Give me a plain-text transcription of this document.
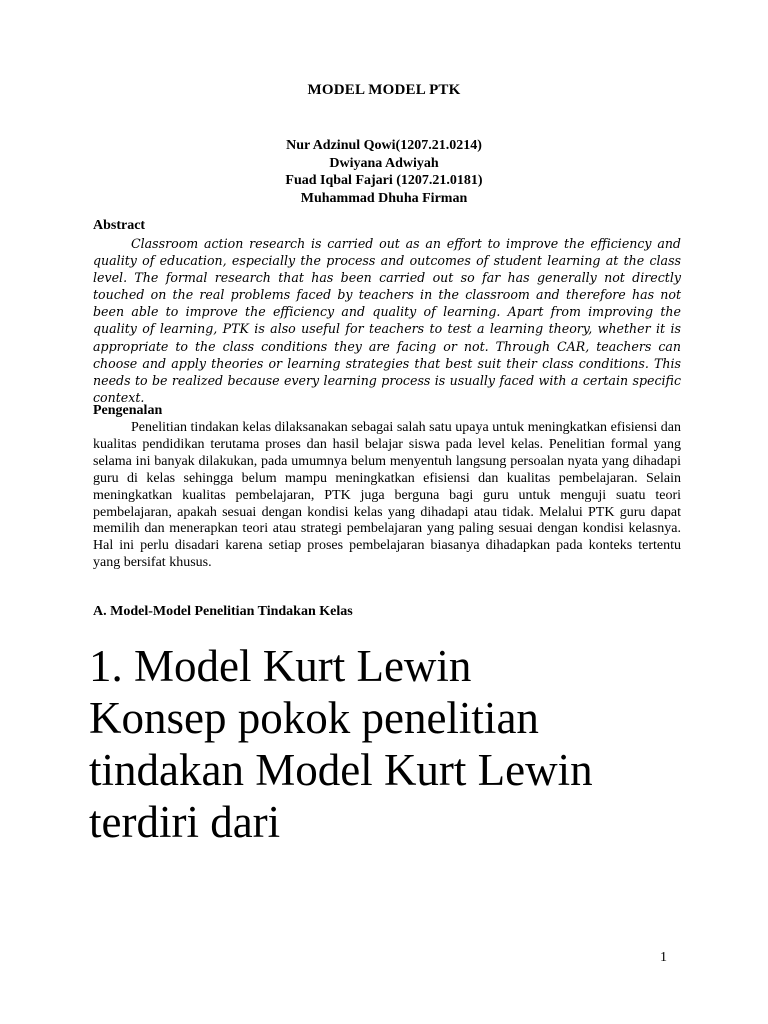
MODEL MODEL PTK
Nur Adzinul Qowi(1207.21.0214)
Dwiyana Adwiyah
Fuad Iqbal Fajari (1207.21.0181)
Muhammad Dhuha Firman
Abstract
Classroom action research is carried out as an effort to improve the efficiency and quality of education, especially the process and outcomes of student learning at the class level. The formal research that has been carried out so far has generally not directly touched on the real problems faced by teachers in the classroom and therefore has not been able to improve the efficiency and quality of learning. Apart from improving the quality of learning, PTK is also useful for teachers to test a learning theory, whether it is appropriate to the class conditions they are facing or not. Through CAR, teachers can choose and apply theories or learning strategies that best suit their class conditions. This needs to be realized because every learning process is usually faced with a certain specific context.
Pengenalan
Penelitian tindakan kelas dilaksanakan sebagai salah satu upaya untuk meningkatkan efisiensi dan kualitas pendidikan terutama proses dan hasil belajar siswa pada level kelas. Penelitian formal yang selama ini banyak dilakukan, pada umumnya belum menyentuh langsung persoalan nyata yang dihadapi guru di kelas sehingga belum mampu meningkatkan efisiensi dan kualitas pembelajaran. Selain meningkatkan kualitas pembelajaran, PTK juga berguna bagi guru untuk menguji suatu teori pembelajaran, apakah sesuai dengan kondisi kelas yang dihadapi atau tidak. Melalui PTK guru dapat memilih dan menerapkan teori atau strategi pembelajaran yang paling sesuai dengan kondisi kelasnya. Hal ini perlu disadari karena setiap proses pembelajaran biasanya dihadapkan pada konteks tertentu yang bersifat khusus.
A. Model-Model Penelitian Tindakan Kelas
1. Model Kurt Lewin
Konsep pokok penelitian
tindakan Model Kurt Lewin
terdiri dari
1
